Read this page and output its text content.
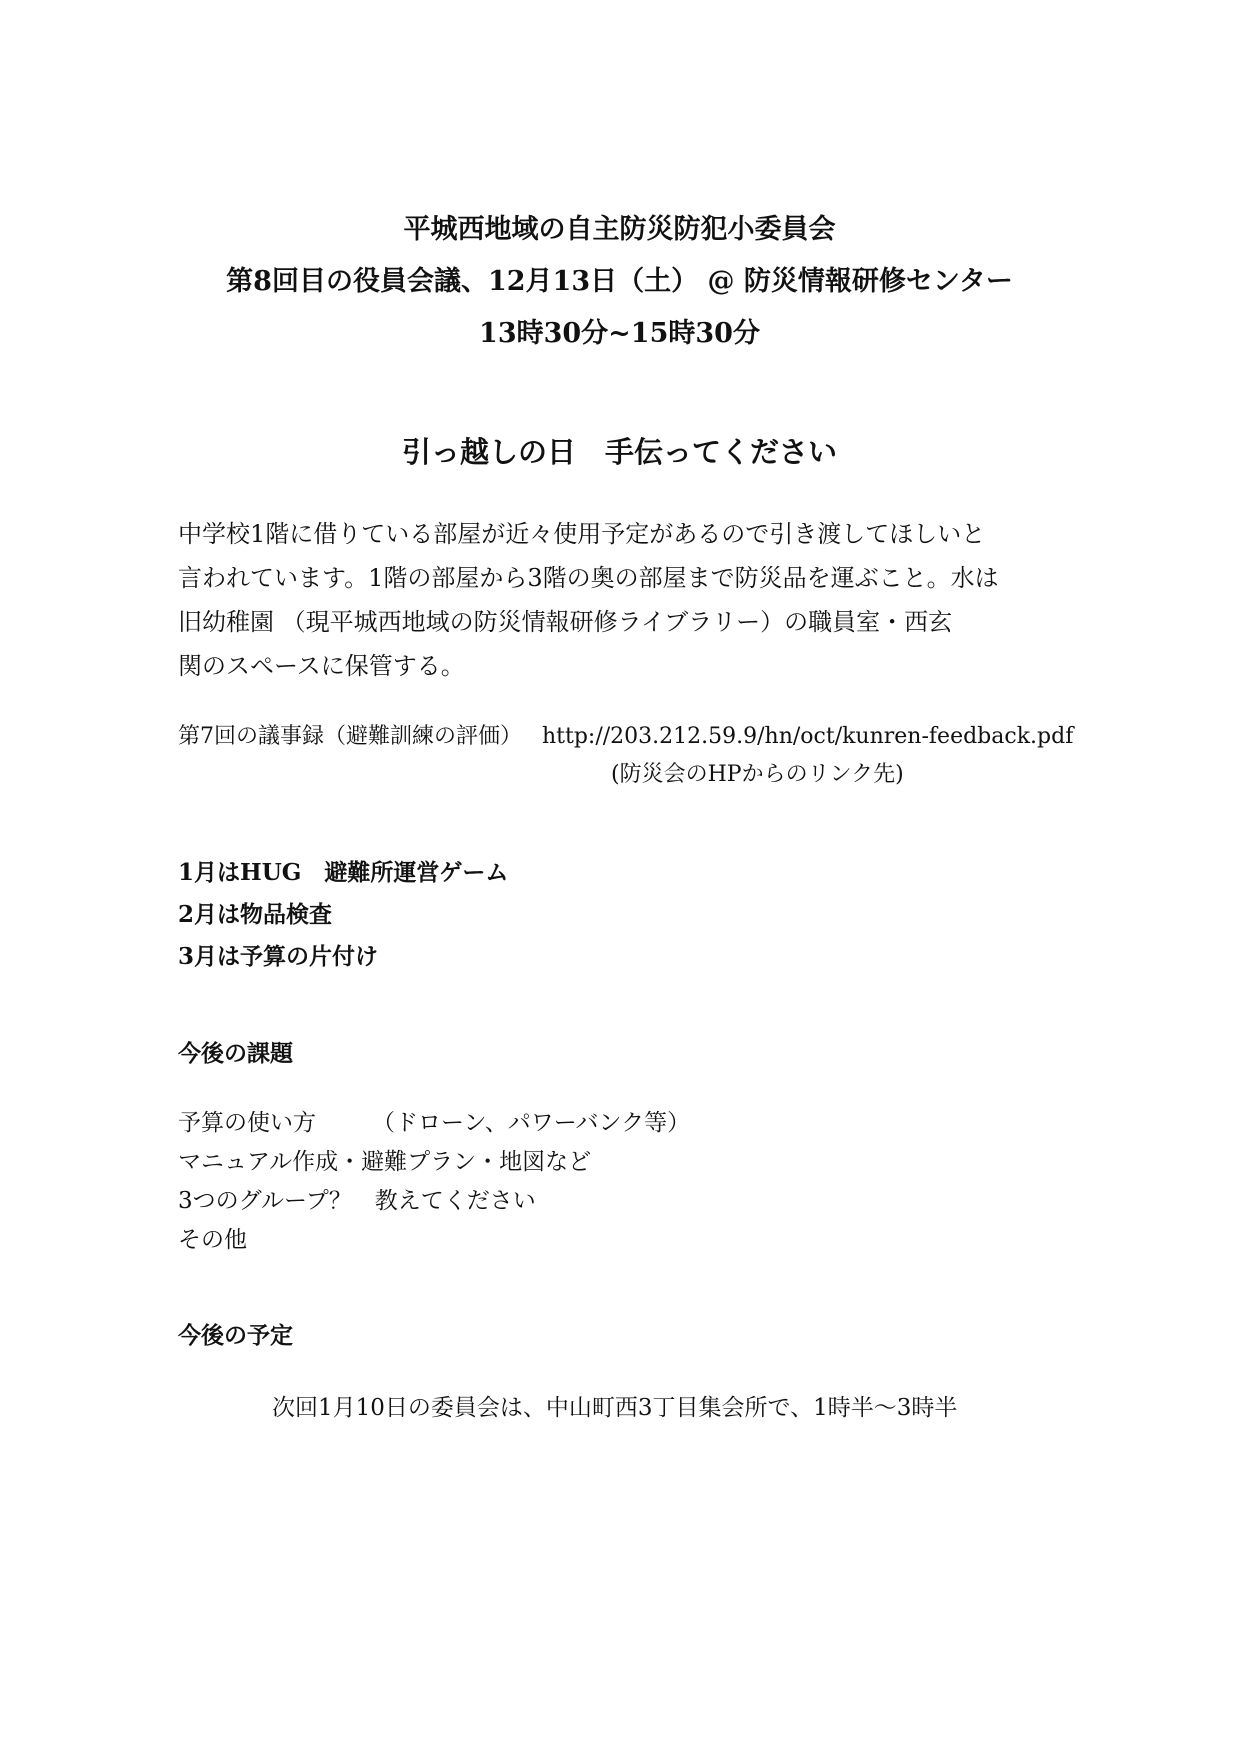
平城西地域の自主防災防犯小委員会
第8回目の役員会議、12月13日（土） @ 防災情報研修センター
13時30分~15時30分
引っ越しの日　手伝ってください
中学校1階に借りている部屋が近々使用予定があるので引き渡してほしいと
言われています。1階の部屋から3階の奥の部屋まで防災品を運ぶこと。水は
旧幼稚園 （現平城西地域の防災情報研修ライブラリー）の職員室・西玄
関のスペースに保管する。
第7回の議事録（避難訓練の評価） http://203.212.59.9/hn/oct/kunren-feedback.pdf
(防災会のHPからのリンク先)
1月はHUG　避難所運営ゲーム
2月は物品検査
3月は予算の片付け
今後の課題
予算の使い方 （ドローン、パワーバンク等）
マニュアル作成・避難プラン・地図など
3つのグループ？　教えてください
その他
今後の予定
次回1月10日の委員会は、中山町西3丁目集会所で、1時半〜3時半
